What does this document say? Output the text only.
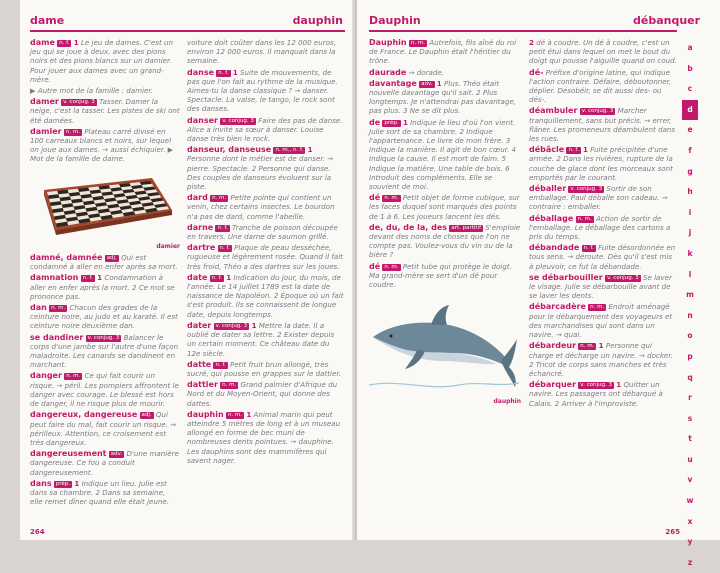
dame	dauphin

dame n. f. 1 Le jeu de dames. C'est un jeu qui se joue à deux, avec des pions noirs et des pions blancs sur un damier. Pour jouer aux dames avec un grand-mère.

▶ Autre mot de la famille : damier.

damer v. conjug. 3 Tasser. Damer la neige, c'est la tasser. Les pistes de ski ont été damées.

damier n. m. Plateau carré divisé en 100 carreaux blancs et noirs, sur lequel on joue aux dames. → aussi échiquier. ▶ Mot de la famille de dame.

damier

damné, damnée adj. Qui est condamné à aller en enfer après sa mort.

damnation n. f. 1 Condamnation à aller en enfer après la mort. 2 Ce mot se prononce pas.

dan n. m. Chacun des grades de la ceinture noire, au judo et au karaté. Il est ceinture noire deuxième dan.

se dandiner v. conjug. 3 Balancer le corps d'une jambe sur l'autre d'une façon maladroite. Les canards se dandinent en marchant.

danger n. m. Ce qui fait courir un risque. → péril. Les pompiers affrontent le danger avec courage. Le blessé est hors de danger, il ne risque plus de mourir.

dangereux, dangereuse adj. Qui peut faire du mal, fait courir un risque. → périlleux. Attention, ce croisement est très dangereux.

dangereusement adv. D'une manière dangereuse. Ce fou a conduit dangereusement.

dans prép. 1 Indique un lieu. Julie est dans sa chambre. 2 Dans sa semaine, elle remet dîner quand elle était jeune.

voiture doit coûter dans les 12 000 euros, environ 12 000 euros. Il manquait dans la semaine.

danse n. f. 1 Suite de mouvements, de pas que l'on fait au rythme de la musique. Aimes-tu la danse classique ? → danser. Spectacle. La valse, le tango, le rock sont des danses.

danser v. conjug. 3 Faire des pas de danse. Alice a invité sa sœur à danser. Louise danse très bien le rock.

danseur, danseuse n. m., n. f. 1 Personne dont le métier est de danser. → pierre. Spectacle. 2 Personne qui danse. Des couples de danseurs évoluent sur la piste.

dard n. m. Petite pointe qui contient un venin, chez certains insectes. Le bourdon n'a pas de dard, comme l'abeille.

darne n. f. Tranche de poisson découpée en travers. Une darne de saumon grillé.

dartre n. f. Plaque de peau desséchée, rugueuse et légèrement rosée. Quand il fait très froid, Théo a des dartres sur les joues.

date n. f. 1 Indication du jour, du mois, de l'année. Le 14 juillet 1789 est la date de naissance de Napoléon. 2 Époque où un fait s'est produit. Ils se connaissent de longue date, depuis longtemps.

dater v. conjug. 3 1 Mettre la date. Il a oublié de dater sa lettre. 2 Exister depuis un certain moment. Ce château date du 12e siècle.

datte n. f. Petit fruit brun allongé, très sucré, qui pousse en grappes sur le dattier.

dattier n. m. Grand palmier d'Afrique du Nord et du Moyen-Orient, qui donne des dattes.

dauphin n. m. 1 Animal marin qui peut atteindre 5 mètres de long et à un museau allongé en forme de bec muni de nombreuses dents pointues. → dauphine. Les dauphins sont des mammifères qui savent nager.

264
Dauphin	débanquer

Dauphin n. m. Autrefois, fils aîné du roi de France. Le Dauphin était l'héritier du trône.

daurade → dorade.

davantage adv. 1 Plus. Théo était nouvelle davantage qu'il sait. 2 Plus longtemps. Je n'attendrai pas davantage, pas plus. 3 Ne se dit plus.

de prép. 1 Indique le lieu d'où l'on vient. Julie sort de sa chambre. 2 Indique l'appartenance. Le livre de mon frère. 3 Indique la manière. Il agit de bon cœur. 4 Indique la cause. Il est mort de faim. 5 Indique la matière. Une table de bois. 6 Introduit des compléments. Elle se souvient de moi.

dé n. m. Petit objet de forme cubique, sur les faces duquel sont marqués des points de 1 à 6. Les joueurs lancent les dés.

de, du, de la, des art. partitif S'emploie devant des noms de choses que l'on ne compte pas. Voulez-vous du vin ou de la bière ?

dé n. m. Petit tube qui protège le doigt. Ma grand-mère se sert d'un dé pour coudre.

dauphin

2 dé à coudre. Un dé à coudre, c'est un petit étui dans lequel on met le bout du doigt qui pousse l'aiguille quand on coud.

dé- Préfixe d'origine latine, qui indique l'action contraire. Défaire, déboutonner, déplier. Désobéir, se dit aussi des- ou dés-.

déambuler v. conjug. 3 Marcher tranquillement, sans but précis. → errer, flâner. Les promeneurs déambulent dans les rues.

débâcle n. f. 1 Fuite précipitée d'une armée. 2 Dans les rivières, rupture de la couche de glace dont les morceaux sont emportés par le courant.

déballer v. conjug. 3 Sortir de son emballage. Paul déballe son cadeau. → contraire : emballer.

déballage n. m. Action de sortir de l'emballage. Le déballage des cartons a pris du temps.

débandade n. f. Fuite désordonnée en tous sens. → déroute. Dès qu'il s'est mis à pleuvoir, ce fut la débandade.

se débarbouiller v. conjug. 3 Se laver le visage. Julie se débarbouille avant de se laver les dents.

débarcadère n. m. Endroit aménagé pour le débarquement des voyageurs et des marchandises qui sont dans un navire. → quai.

débardeur n. m. 1 Personne qui charge et décharge un navire. → docker. 2 Tricot de corps sans manches et très échancré.

débarquer v. conjug. 3 1 Quitter un navire. Les passagers ont débarqué à Calais. 2 Arriver à l'improviste.

265
a
b
c
d
e
f
g
h
i
j
k
l
m
n
o
p
q
r
s
t
u
v
w
x
y
z
